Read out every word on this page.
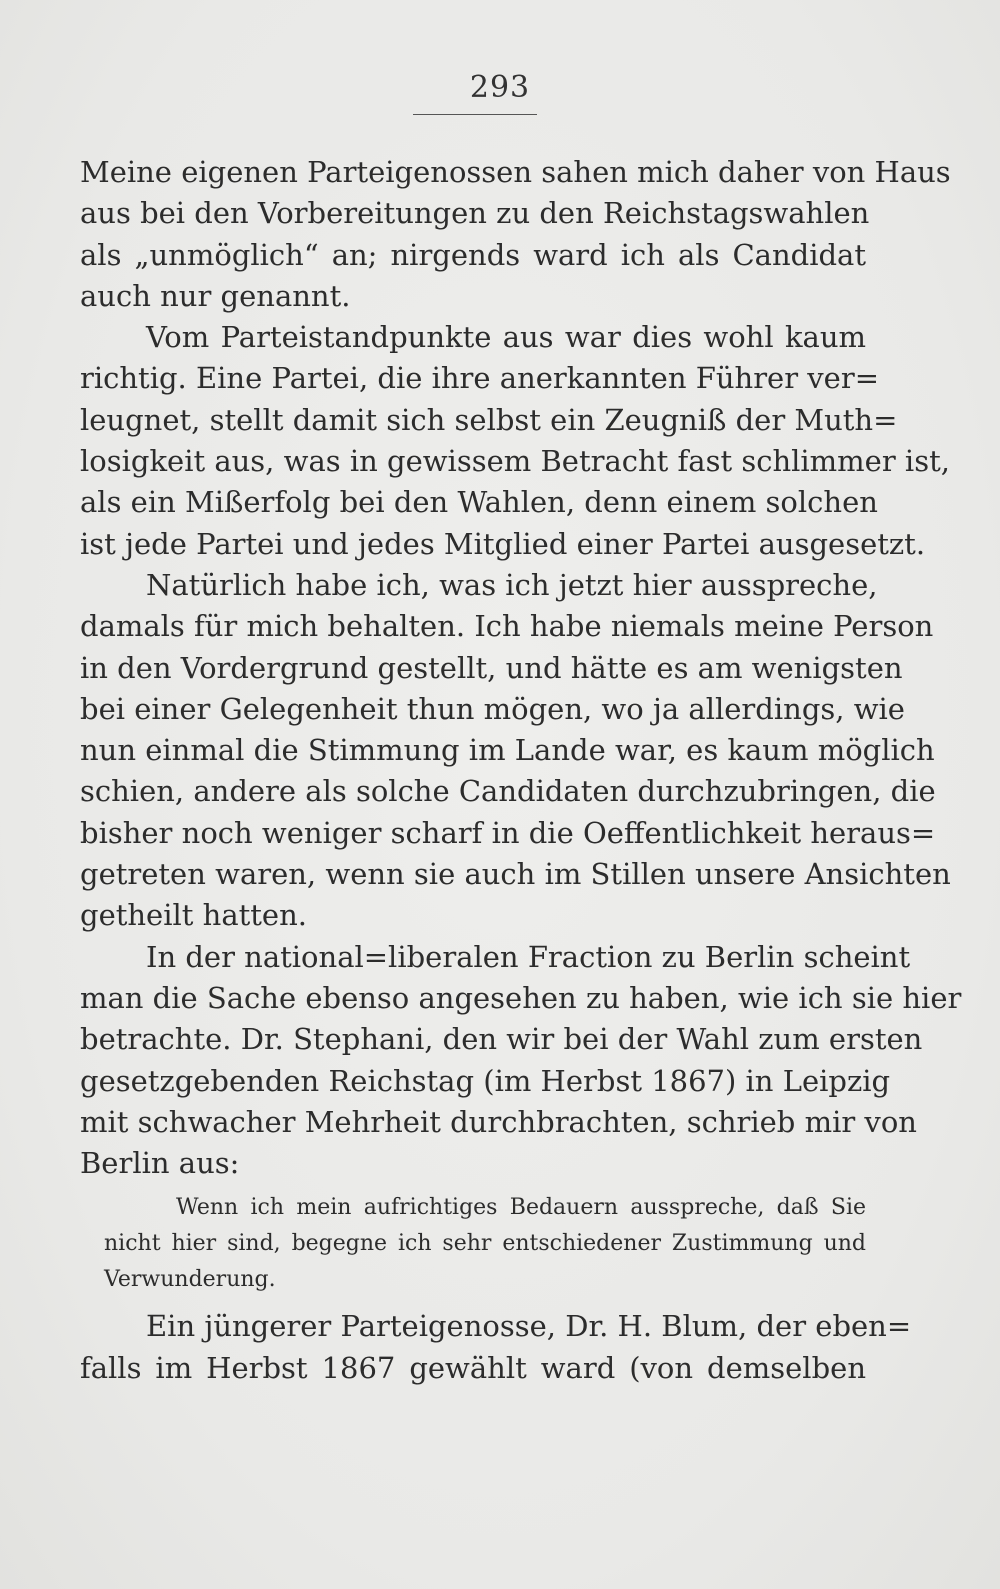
293
Meine eigenen Parteigenossen sahen mich daher von Haus
aus bei den Vorbereitungen zu den Reichstagswahlen
als „unmöglich“ an; nirgends ward ich als Candidat
auch nur genannt.
Vom Parteistandpunkte aus war dies wohl kaum
richtig. Eine Partei, die ihre anerkannten Führer ver=
leugnet, stellt damit sich selbst ein Zeugniß der Muth=
losigkeit aus, was in gewissem Betracht fast schlimmer ist,
als ein Mißerfolg bei den Wahlen, denn einem solchen
ist jede Partei und jedes Mitglied einer Partei ausgesetzt.
Natürlich habe ich, was ich jetzt hier ausspreche,
damals für mich behalten. Ich habe niemals meine Person
in den Vordergrund gestellt, und hätte es am wenigsten
bei einer Gelegenheit thun mögen, wo ja allerdings, wie
nun einmal die Stimmung im Lande war, es kaum möglich
schien, andere als solche Candidaten durchzubringen, die
bisher noch weniger scharf in die Oeffentlichkeit heraus=
getreten waren, wenn sie auch im Stillen unsere Ansichten
getheilt hatten.
In der national=liberalen Fraction zu Berlin scheint
man die Sache ebenso angesehen zu haben, wie ich sie hier
betrachte. Dr. Stephani, den wir bei der Wahl zum ersten
gesetzgebenden Reichstag (im Herbst 1867) in Leipzig
mit schwacher Mehrheit durchbrachten, schrieb mir von
Berlin aus:
Wenn ich mein aufrichtiges Bedauern ausspreche, daß Sie
nicht hier sind, begegne ich sehr entschiedener Zustimmung und
Verwunderung.
Ein jüngerer Parteigenosse, Dr. H. Blum, der eben=
falls im Herbst 1867 gewählt ward (von demselben
